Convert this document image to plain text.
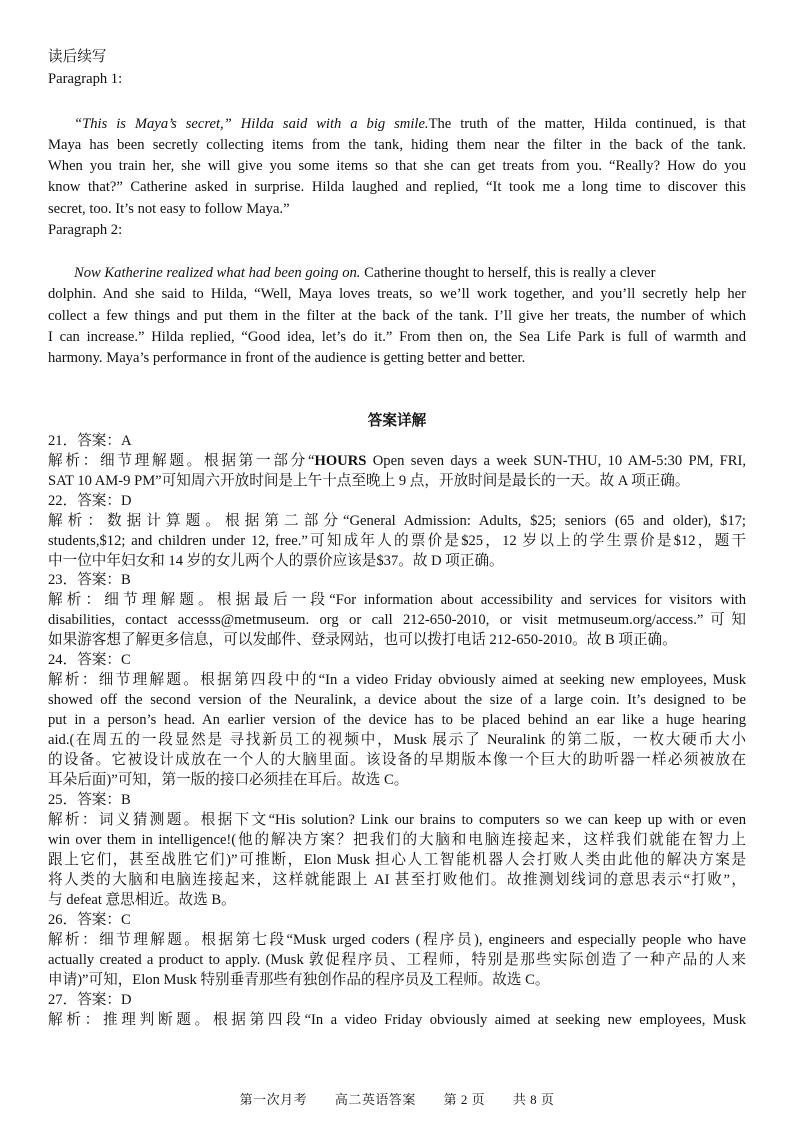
读后续写
Paragraph 1:
“This is Maya’s secret,” Hilda said with a big smile.The truth of the matter, Hilda continued, is that
Maya has been secretly collecting items from the tank, hiding them near the filter in the back of the tank.
When you train her, she will give you some items so that she can get treats from you. “Really? How do you
know that?” Catherine asked in surprise. Hilda laughed and replied, “It took me a long time to discover this
secret, too. It’s not easy to follow Maya.”
Paragraph 2:
Now Katherine realized what had been going on. Catherine thought to herself, this is really a clever
dolphin. And she said to Hilda, “Well, Maya loves treats, so we’ll work together, and you’ll secretly help her
collect a few things and put them in the filter at the back of the tank. I’ll give her treats, the number of which
I can increase.” Hilda replied, “Good idea, let’s do it.” From then on, the Sea Life Park is full of warmth and
harmony. Maya’s performance in front of the audience is getting better and better.
答案详解
21．答案：A
解析：细节理解题。根据第一部分“HOURS Open seven days a week SUN-THU, 10 AM-5:30 PM, FRI,
SAT 10 AM-9 PM”可知周六开放时间是上午十点至晚上 9 点，开放时间是最长的一天。故 A 项正确。
22．答案：D
解析：数据计算题。根据第二部分“General Admission: Adults, $25; seniors (65 and older), $17;
students,$12; and children under 12, free.”可知成年人的票价是$25，12 岁以上的学生票价是$12，题干
中一位中年妇女和 14 岁的女儿两个人的票价应该是$37。故 D 项正确。
23．答案：B
解析：细节理解题。根据最后一段“For information about accessibility and services for visitors with
disabilities, contact accesss@metmuseum. org or call 212-650-2010, or visit metmuseum.org/access.”可知
如果游客想了解更多信息，可以发邮件、登录网站，也可以拨打电话 212-650-2010。故 B 项正确。
24．答案：C
解析：细节理解题。根据第四段中的“In a video Friday obviously aimed at seeking new employees, Musk
showed off the second version of the Neuralink, a device about the size of a large coin. It’s designed to be
put in a person’s head. An earlier version of the device has to be placed behind an ear like a huge hearing
aid.(在周五的一段显然是 寻找新员工的视频中，Musk 展示了 Neuralink 的第二版，一枚大硬币大小
的设备。它被设计成放在一个人的大脑里面。该设备的早期版本像一个巨大的助听器一样必须被放在
耳朵后面)”可知，第一版的接口必须挂在耳后。故选 C。
25．答案：B
解析：词义猜测题。根据下文“His solution? Link our brains to computers so we can keep up with or even
win over them in intelligence!(他的解决方案？把我们的大脑和电脑连接起来，这样我们就能在智力上
跟上它们，甚至战胜它们)”可推断，Elon Musk 担心人工智能机器人会打败人类由此他的解决方案是
将人类的大脑和电脑连接起来，这样就能跟上 AI 甚至打败他们。故推测划线词的意思表示“打败”，
与 defeat 意思相近。故选 B。
26．答案：C
解析：细节理解题。根据第七段“Musk urged coders (程序员), engineers and especially people who have
actually created a product to apply. (Musk 敦促程序员、工程师，特别是那些实际创造了一种产品的人来
申请)”可知，Elon Musk 特别垂青那些有独创作品的程序员及工程师。故选 C。
27．答案：D
解析：推理判断题。根据第四段“In a video Friday obviously aimed at seeking new employees, Musk
第一次月考 高二英语答案 第 2 页 共 8 页
